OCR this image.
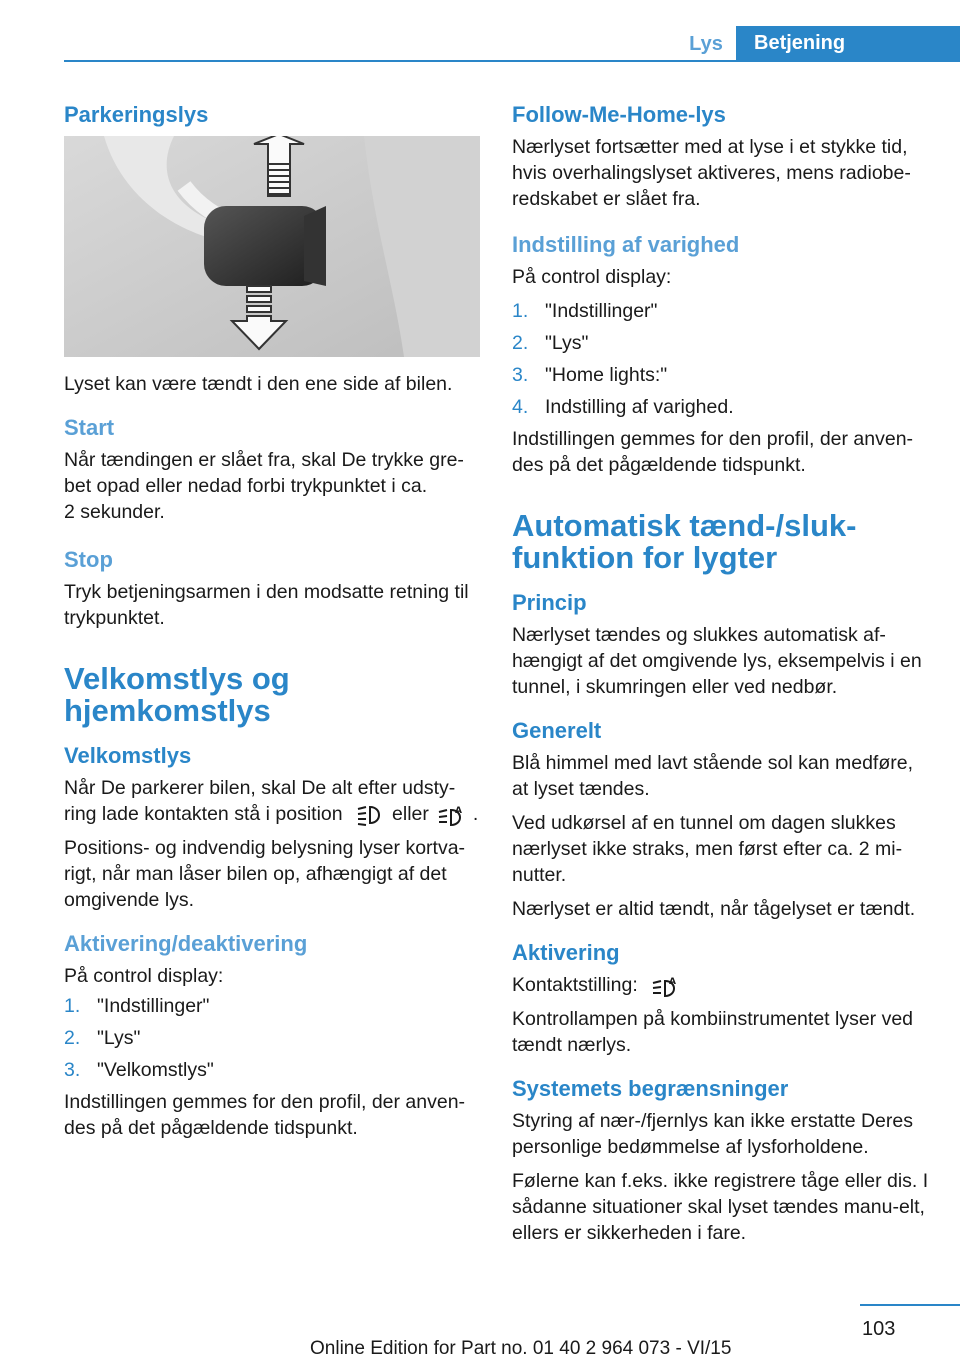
Lys	Betjening
Parkeringslys

Lyset kan være tændt i den ene side af bilen.

Start

Når tændingen er slået fra, skal De trykke gre-
bet opad eller nedad forbi trykpunktet i ca.
2 sekunder.

Stop

Tryk betjeningsarmen i den modsatte retning til trykpunktet.

Velkomstlys og hjemkomstlys
Velkomstlys

Når De parkerer bilen, skal De alt efter udsty-ring lade kontakten stå i position	eller	A .

Positions- og indvendig belysning lyser kortva-rigt, når man låser bilen op, afhængigt af det omgivende lys.

Aktivering/deaktivering

På control display:

1. "Indstillinger"
2. "Lys"
3. "Velkomstlys"

Indstillingen gemmes for den profil, der anven-des på det pågældende tidspunkt.

Follow-Me-Home-lys

Nærlyset fortsætter med at lyse i et stykke tid, hvis overhalingslyset aktiveres, mens radiobe-redskabet er slået fra.

Indstilling af varighed

På control display:

1. "Indstillinger"
2. "Lys"
3. "Home lights:"
4. Indstilling af varighed.

Indstillingen gemmes for den profil, der anven-des på det pågældende tidspunkt.

Automatisk tænd-/sluk-funktion for lygter
Princip

Nærlyset tændes og slukkes automatisk af-hængigt af det omgivende lys, eksempelvis i en tunnel, i skumringen eller ved nedbør.

Generelt

Blå himmel med lavt stående sol kan medføre, at lyset tændes.

Ved udkørsel af en tunnel om dagen slukkes nærlyset ikke straks, men først efter ca. 2 mi-nutter.

Nærlyset er altid tændt, når tågelyset er tændt.

Aktivering

Kontaktstilling:	A

Kontrollampen på kombiinstrumentet lyser ved tændt nærlys.

Systemets begrænsninger

Styring af nær-/fjernlys kan ikke erstatte Deres personlige bedømmelse af lysforholdene.

Følerne kan f.eks. ikke registrere tåge eller dis. I sådanne situationer skal lyset tændes manu-elt, ellers er sikkerheden i fare.

103
Online Edition for Part no. 01 40 2 964 073 - VI/15
